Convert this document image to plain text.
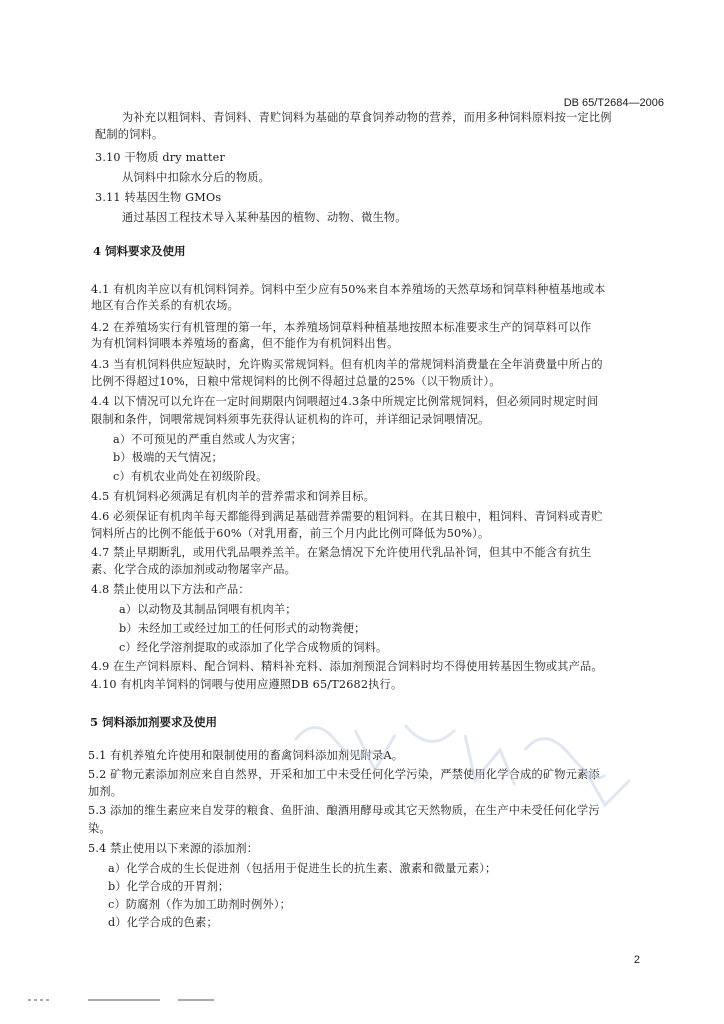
DB 65/T2684—2006
为补充以粗饲料、青饲料、青贮饲料为基础的草食饲养动物的营养，而用多种饲料原料按一定比例
配制的饲料。
3.10 干物质 dry matter
从饲料中扣除水分后的物质。
3.11 转基因生物 GMOs
通过基因工程技术导入某种基因的植物、动物、微生物。
4 饲料要求及使用
4.1 有机肉羊应以有机饲料饲养。饲料中至少应有50%来自本养殖场的天然草场和饲草料种植基地或本
地区有合作关系的有机农场。
4.2 在养殖场实行有机管理的第一年，本养殖场饲草料种植基地按照本标准要求生产的饲草料可以作
为有机饲料饲喂本养殖场的畜禽，但不能作为有机饲料出售。
4.3 当有机饲料供应短缺时，允许购买常规饲料。但有机肉羊的常规饲料消费量在全年消费量中所占的
比例不得超过10%，日粮中常规饲料的比例不得超过总量的25%（以干物质计）。
4.4 以下情况可以允许在一定时间期限内饲喂超过4.3条中所规定比例常规饲料，但必须同时规定时间
限制和条件，饲喂常规饲料须事先获得认证机构的许可，并详细记录饲喂情况。
a）不可预见的严重自然或人为灾害；
b）极端的天气情况；
c）有机农业尚处在初级阶段。
4.5 有机饲料必须满足有机肉羊的营养需求和饲养目标。
4.6 必须保证有机肉羊每天都能得到满足基础营养需要的粗饲料。在其日粮中，粗饲料、青饲料或青贮
饲料所占的比例不能低于60%（对乳用畜，前三个月内此比例可降低为50%）。
4.7 禁止早期断乳，或用代乳品喂养羔羊。在紧急情况下允许使用代乳品补饲，但其中不能含有抗生
素、化学合成的添加剂或动物屠宰产品。
4.8 禁止使用以下方法和产品：
a）以动物及其制品饲喂有机肉羊；
b）未经加工或经过加工的任何形式的动物粪便；
c）经化学溶剂提取的或添加了化学合成物质的饲料。
4.9 在生产饲料原料、配合饲料、精料补充料、添加剂预混合饲料时均不得使用转基因生物或其产品。
4.10 有机肉羊饲料的饲喂与使用应遵照DB 65/T2682执行。
5 饲料添加剂要求及使用
5.1 有机养殖允许使用和限制使用的畜禽饲料添加剂见附录A。
5.2 矿物元素添加剂应来自自然界，开采和加工中未受任何化学污染，严禁使用化学合成的矿物元素添
加剂。
5.3 添加的维生素应来自发芽的粮食、鱼肝油、酿酒用酵母或其它天然物质，在生产中未受任何化学污
染。
5.4 禁止使用以下来源的添加剂：
a）化学合成的生长促进剂（包括用于促进生长的抗生素、激素和微量元素）；
b）化学合成的开胃剂；
c）防腐剂（作为加工助剂时例外）；
d）化学合成的色素；
2
